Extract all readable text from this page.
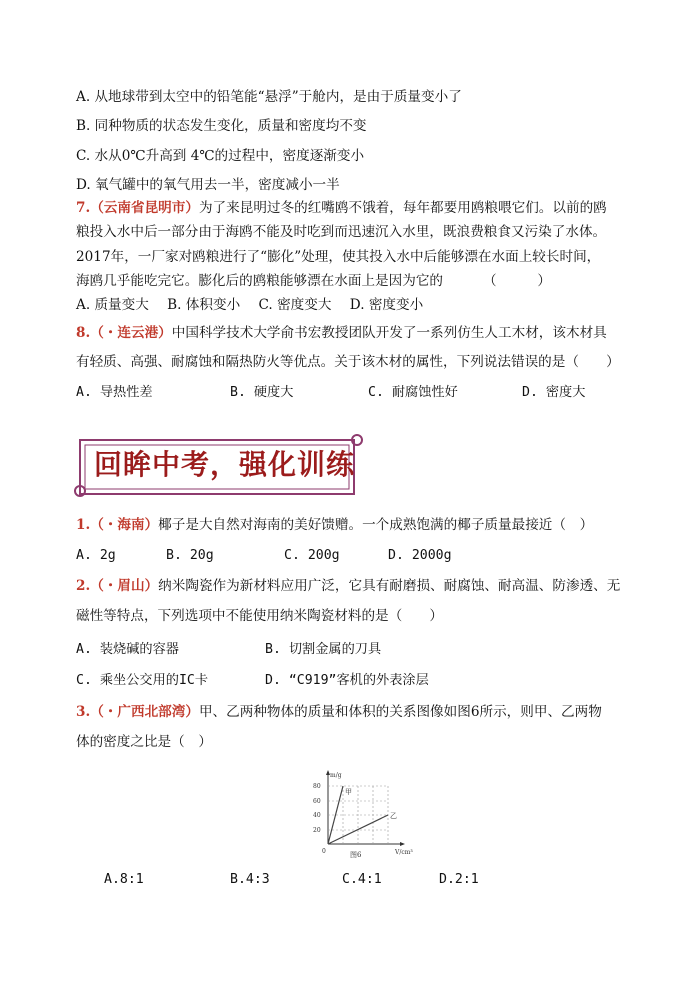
A. 从地球带到太空中的铅笔能“悬浮”于舱内，是由于质量变小了
B. 同种物质的状态发生变化，质量和密度均不变
C. 水从0℃升高到 4℃的过程中，密度逐渐变小
D. 氧气罐中的氧气用去一半，密度减小一半
7.（云南省昆明市）为了来昆明过冬的红嘴鸥不饿着，每年都要用鸥粮喂它们。以前的鸥
粮投入水中后一部分由于海鸥不能及时吃到而迅速沉入水里，既浪费粮食又污染了水体。
2017年，一厂家对鸥粮进行了“膨化”处理，使其投入水中后能够漂在水面上较长时间，
海鸥几乎能吃完它。膨化后的鸥粮能够漂在水面上是因为它的	（　　　）
A. 质量变大 B. 体积变小 C. 密度变大 D. 密度变小
8.（・连云港）中国科学技术大学俞书宏教授团队开发了一系列仿生人工木材，该木材具
有轻质、高强、耐腐蚀和隔热防火等优点。关于该木材的属性，下列说法错误的是（　　）
A. 导热性差	B. 硬度大	C. 耐腐蚀性好	D. 密度大
回眸中考，强化训练
1.（・海南）椰子是大自然对海南的美好馈赠。一个成熟饱满的椰子质量最接近（　）
A. 2g	B. 20g	C. 200g	D. 2000g
2.（・眉山）纳米陶瓷作为新材料应用广泛，它具有耐磨损、耐腐蚀、耐高温、防渗透、无
磁性等特点，下列选项中不能使用纳米陶瓷材料的是（　　）
A. 装烧碱的容器	B. 切割金属的刀具
C. 乘坐公交用的IC卡	D. “C919”客机的外表涂层
3.（・广西北部湾）甲、乙两种物体的质量和体积的关系图像如图6所示，则甲、乙两物
体的密度之比是（　）
m/g
V/cm³
0
80
60
40
20
甲
乙
图6
A.8:1	B.4:3	C.4:1	D.2:1
